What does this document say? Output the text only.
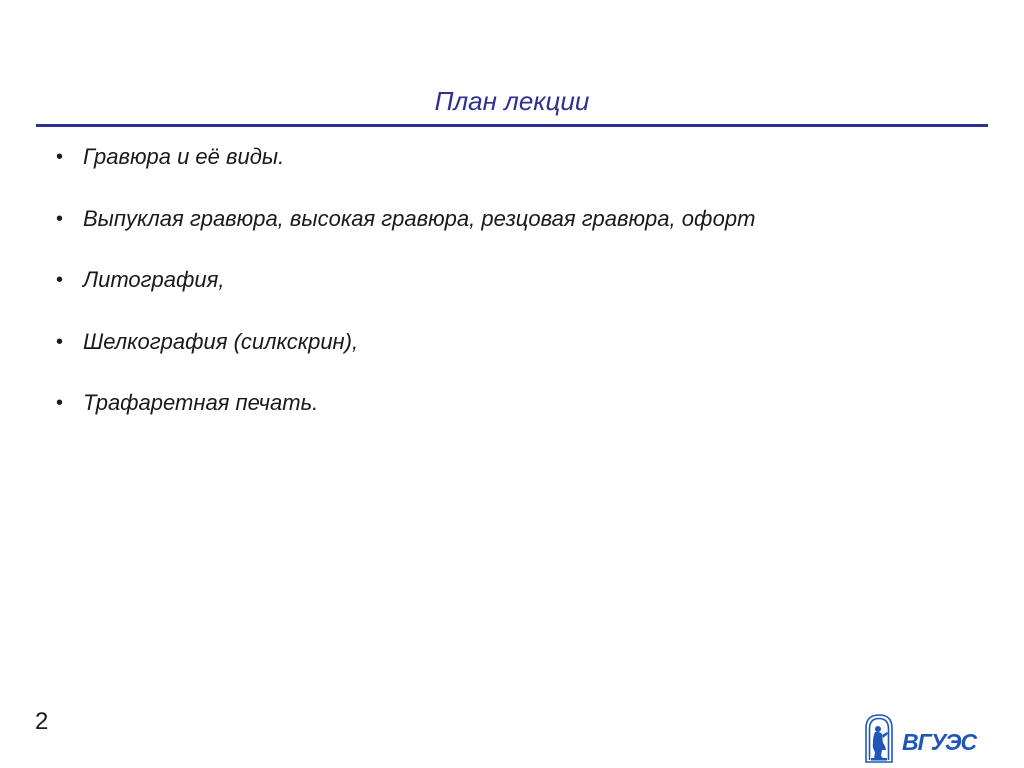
План лекции
• Гравюра и её виды.
• Выпуклая гравюра, высокая гравюра, резцовая гравюра, офорт
• Литография,
• Шелкография (силкскрин),
• Трафаретная печать.
2
ВГУЭС
